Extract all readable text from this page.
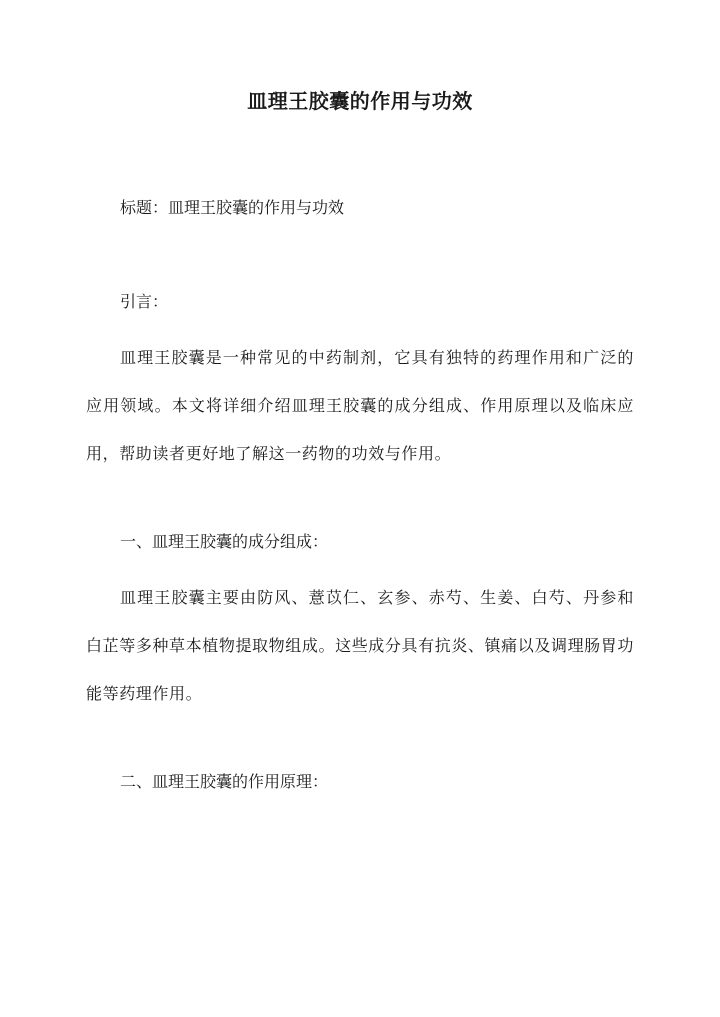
皿理王胶囊的作用与功效
标题：皿理王胶囊的作用与功效
引言：
皿理王胶囊是一种常见的中药制剂，它具有独特的药理作用和广泛的应用领域。本文将详细介绍皿理王胶囊的成分组成、作用原理以及临床应用，帮助读者更好地了解这一药物的功效与作用。
一、皿理王胶囊的成分组成：
皿理王胶囊主要由防风、薏苡仁、玄参、赤芍、生姜、白芍、丹参和白芷等多种草本植物提取物组成。这些成分具有抗炎、镇痛以及调理肠胃功能等药理作用。
二、皿理王胶囊的作用原理：
